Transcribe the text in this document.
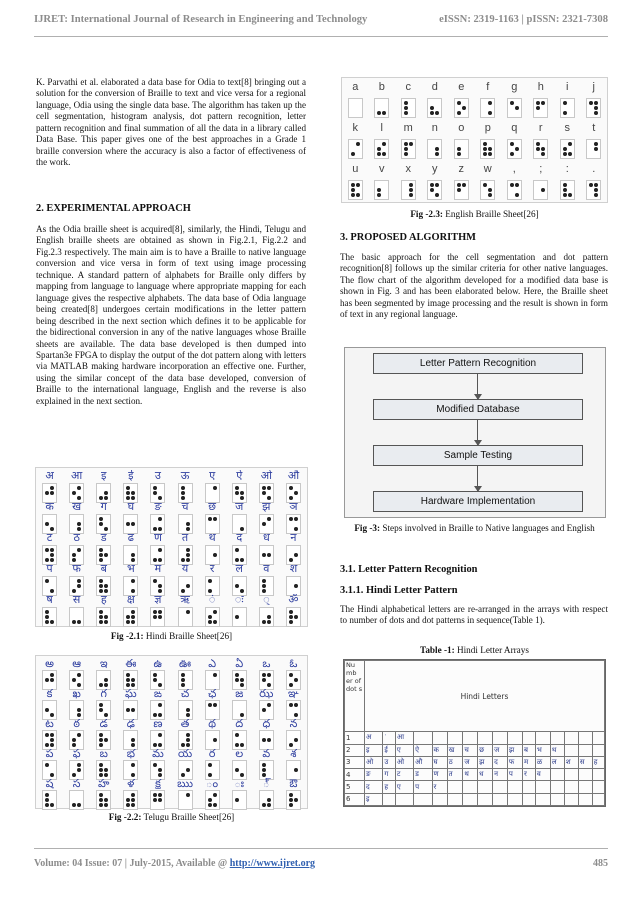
IJRET: International Journal of Research in Engineering and Technology	eISSN: 2319-1163 | pISSN: 2321-7308
K. Parvathi et al. elaborated a data base for Odia to text[8] bringing out a solution for the conversion of Braille to text and vice versa for a regional language, Odia using the single data base. The algorithm has taken up the cell segmentation, histogram analysis, dot pattern recognition, letter pattern recognition and final summation of all the data in a library called Data Base. This paper gives one of the best approaches in a Grade 1 braille conversion where the accuracy is also a factor of effectiveness of the work.
2. EXPERIMENTAL APPROACH
As the Odia braille sheet is acquired[8], similarly, the Hindi, Telugu and English braille sheets are obtained as shown in Fig.2.1, Fig.2.2 and Fig.2.3 respectively. The main aim is to have a Braille to native language conversion and vice versa in form of text using image processing technique. A standard pattern of alphabets for Braille only differs by mapping from language to language where appropriate mapping for each language gives the respective alphabets. The data base of Odia language being created[8] undergoes certain modifications in the letter pattern being described in the next section which defines it to be applicable for the bidirectional conversion in any of the native languages whose Braille sheets are available. The data base developed is then dumped into Spartan3e FPGA to display the output of the dot pattern along with letters via MATLAB making hardware incorporation an effective one. Further, using the similar concept of the data base developed, conversion of Braille to the international language, English and the reverse is also explained in the next section.
अ	आ	इ	ई	उ	ऊ	ए	ऐ	ओ	औ
क	ख	ग	घ	ङ	च	छ	ज	झ	ञ
ट	ठ	ड	ढ	ण	त	थ	द	ध	न
प	फ	ब	भ	म	य	र	ल	व	श
ष	स	ह	क्ष	ज्ञ	ऋ	ं	ः	्	ॐ
Fig -2.1: Hindi Braille Sheet[26]
అ	ఆ	ఇ	ఈ	ఉ	ఊ	ఎ	ఏ	ఒ	ఓ
క	ఖ	గ	ఘ	ఙ	చ	ఛ	జ	ఝ	ఞ
ట	ఠ	డ	ఢ	ణ	త	థ	ద	ధ	న
ప	ఫ	బ	భ	మ	య	ర	ల	వ	శ
ష	స	హ	ళ	క్ష	ఋ	ం	ః	్	ఔ
Fig -2.2: Telugu Braille Sheet[26]
a	b	c	d	e	f	g	h	i	j
k	l	m	n	o	p	q	r	s	t
u	v	x	y	z	w	,	;	:	.
Fig -2.3: English Braille Sheet[26]
3. PROPOSED ALGORITHM
The basic approach for the cell segmentation and dot pattern recognition[8] follows up the similar criteria for other native languages. The flow chart of the algorithm developed for a modified data base is shown in Fig. 3 and has been elaborated below. Here, the Braille sheet has been segmented by image processing and the result is shown in form of text in any regional language.
Letter Pattern Recognition
Modified Database
Sample Testing
Hardware Implementation
Fig -3: Steps involved in Braille to Native languages and English
3.1. Letter Pattern Recognition
3.1.1. Hindi Letter Pattern
The Hindi alphabetical letters are re-arranged in the arrays with respect to number of dots and dot patterns in sequence(Table 1).
Table -1: Hindi Letter Arrays
Nu mb er of dot s	Hindi Letters															
1	अ	ॱ	आ													
2	इ	ई	ए	ऐ	क	ख	च	छ	ज	झ	ब	भ	थ			
3	ओ	उ	ओ	औ	घ	ठ	ज	झ	द	फ	म	ळ	ल	श	स	ह
4	ङ	ग	ट	ड	ण	त	थ	ध	न	प	र	व				
5	द	ह	ए	प	र											
6	इ															
Volume: 04 Issue: 07 | July-2015, Available @ http://www.ijret.org	485
